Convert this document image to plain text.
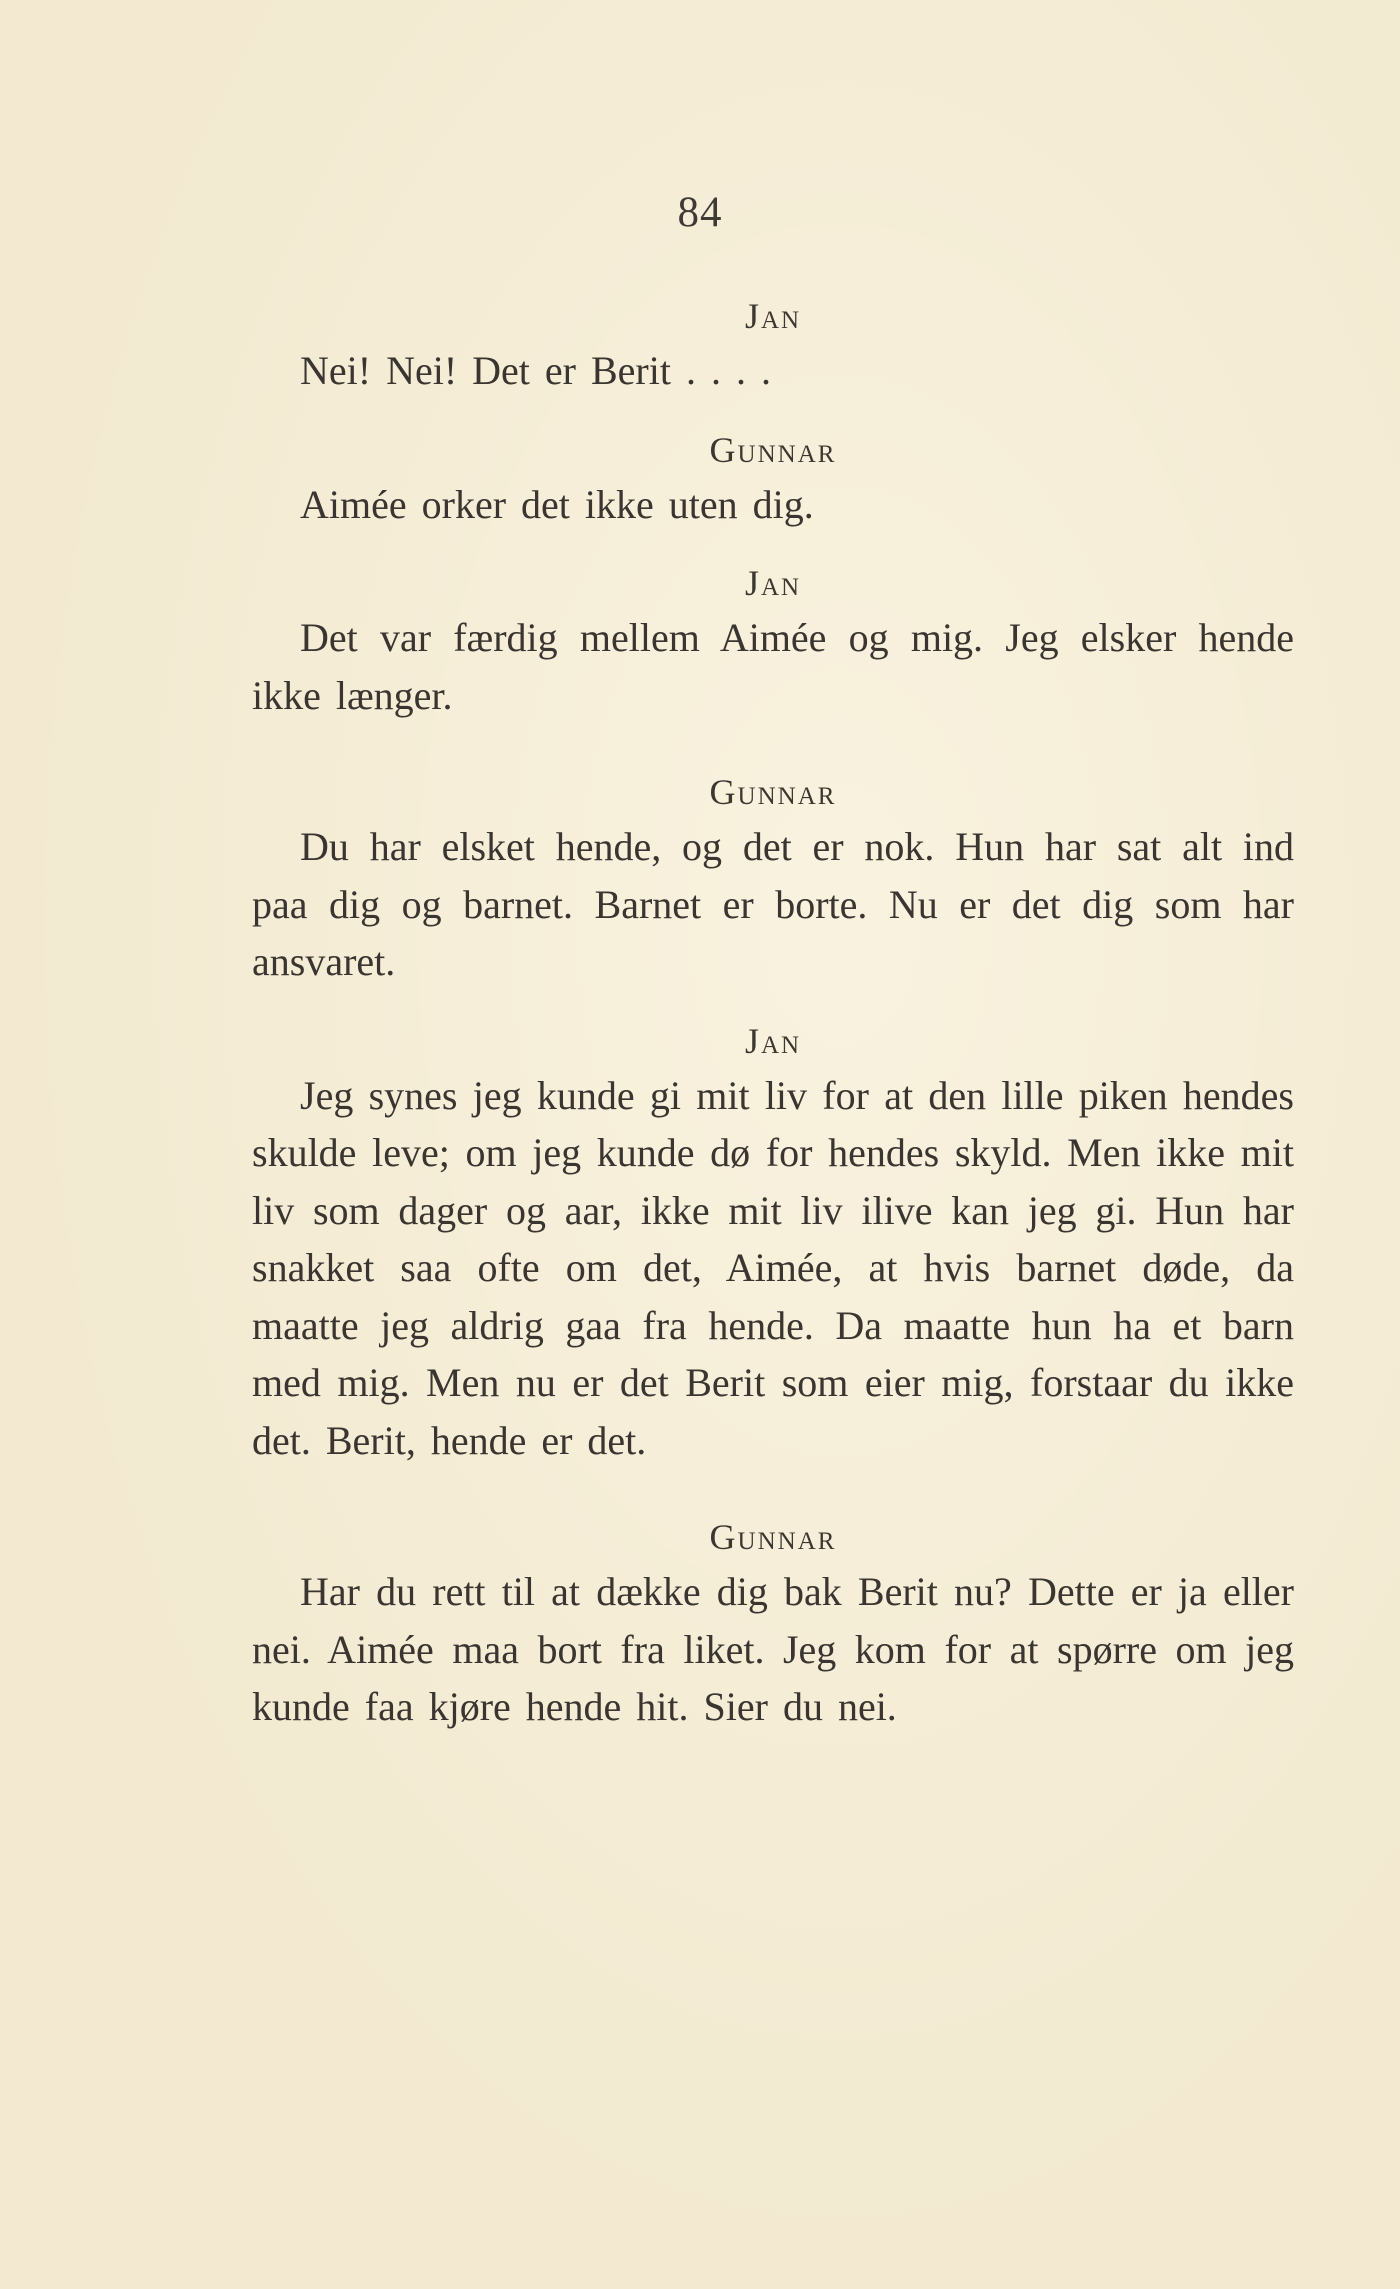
84

Jan

Nei! Nei! Det er Berit . . . .

Gunnar

Aimée orker det ikke uten dig.

Jan

Det var færdig mellem Aimée og mig. Jeg elsker hende ikke længer.

Gunnar

Du har elsket hende, og det er nok. Hun har sat alt ind paa dig og barnet. Barnet er borte. Nu er det dig som har ansvaret.

Jan

Jeg synes jeg kunde gi mit liv for at den lille piken hendes skulde leve; om jeg kunde dø for hendes skyld. Men ikke mit liv som dager og aar, ikke mit liv ilive kan jeg gi. Hun har snakket saa ofte om det, Aimée, at hvis barnet døde, da maatte jeg aldrig gaa fra hende. Da maatte hun ha et barn med mig. Men nu er det Berit som eier mig, forstaar du ikke det. Berit, hende er det.

Gunnar

Har du rett til at dække dig bak Berit nu? Dette er ja eller nei. Aimée maa bort fra liket. Jeg kom for at spørre om jeg kunde faa kjøre hende hit. Sier du nei.
